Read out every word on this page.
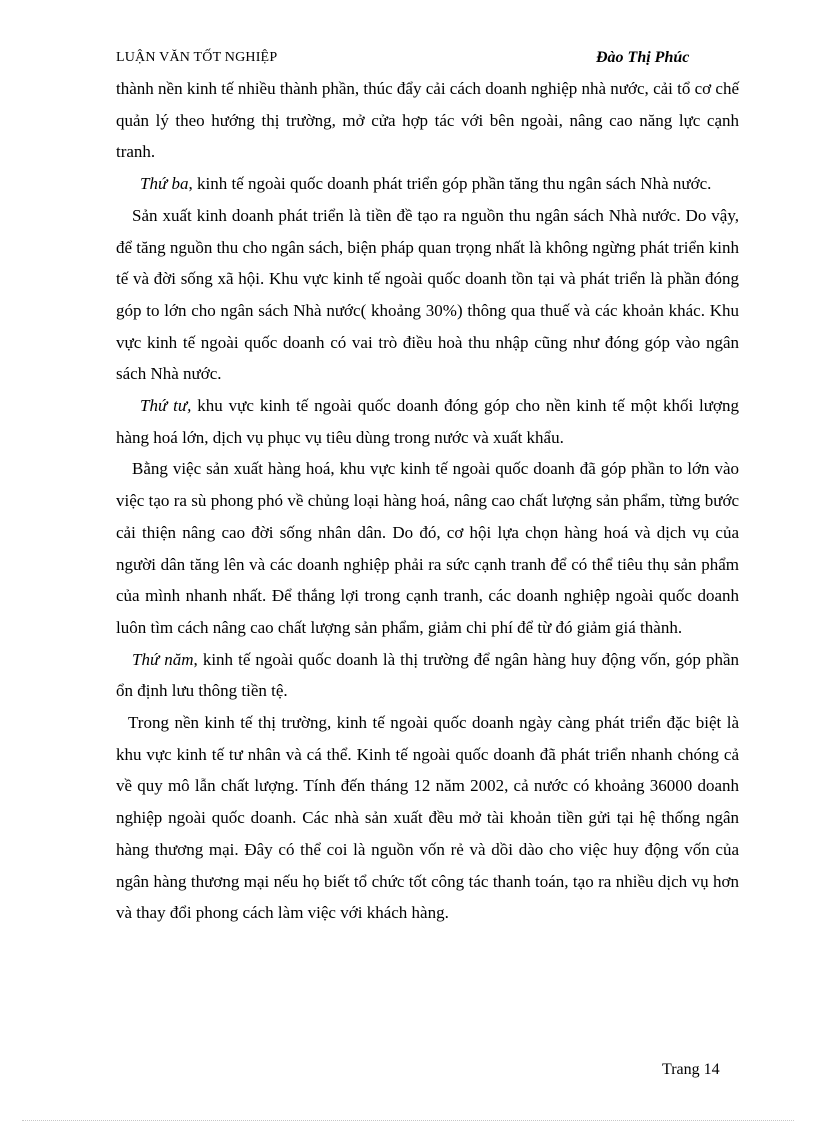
LUẬN VĂN TỐT NGHIỆP	Đào Thị Phúc

thành nền kinh tế nhiều thành phần, thúc đẩy cải cách doanh nghiệp nhà nước, cải tổ cơ chế quản lý theo hướng thị trường, mở cửa hợp tác với bên ngoài, nâng cao năng lực cạnh tranh.

Thứ ba, kinh tế ngoài quốc doanh phát triển góp phần tăng thu ngân sách Nhà nước.

Sản xuất kinh doanh phát triển là tiền đề tạo ra nguồn thu ngân sách Nhà nước. Do vậy, để tăng nguồn thu cho ngân sách, biện pháp quan trọng nhất là không ngừng phát triển kinh tế và đời sống xã hội. Khu vực kinh tế ngoài quốc doanh tồn tại và phát triển là phần đóng góp to lớn cho ngân sách Nhà nước( khoảng 30%) thông qua thuế và các khoản khác. Khu vực kinh tế ngoài quốc doanh có vai trò điều hoà thu nhập cũng như đóng góp vào ngân sách Nhà nước.

Thứ tư, khu vực kinh tế ngoài quốc doanh đóng góp cho nền kinh tế một khối lượng hàng hoá lớn, dịch vụ phục vụ tiêu dùng trong nước và xuất khẩu.

Bằng việc sản xuất hàng hoá, khu vực kinh tế ngoài quốc doanh đã góp phần to lớn vào việc tạo ra sù phong phó về chủng loại hàng hoá, nâng cao chất lượng sản phẩm, từng bước cải thiện nâng cao đời sống nhân dân. Do đó, cơ hội lựa chọn hàng hoá và dịch vụ của người dân tăng lên và các doanh nghiệp phải ra sức cạnh tranh để có thể tiêu thụ sản phẩm của mình nhanh nhất. Để thắng lợi trong cạnh tranh, các doanh nghiệp ngoài quốc doanh luôn tìm cách nâng cao chất lượng sản phẩm, giảm chi phí để từ đó giảm giá thành.

Thứ năm, kinh tế ngoài quốc doanh là thị trường để ngân hàng huy động vốn, góp phần ổn định lưu thông tiền tệ.

Trong nền kinh tế thị trường, kinh tế ngoài quốc doanh ngày càng phát triển đặc biệt là khu vực kinh tế tư nhân và cá thể. Kinh tế ngoài quốc doanh đã phát triển nhanh chóng cả về quy mô lẫn chất lượng. Tính đến tháng 12 năm 2002, cả nước có khoảng 36000 doanh nghiệp ngoài quốc doanh. Các nhà sản xuất đều mở tài khoản tiền gửi tại hệ thống ngân hàng thương mại. Đây có thể coi là nguồn vốn rẻ và dồi dào cho việc huy động vốn của ngân hàng thương mại nếu họ biết tổ chức tốt công tác thanh toán, tạo ra nhiều dịch vụ hơn và thay đổi phong cách làm việc với khách hàng.

Trang 14
